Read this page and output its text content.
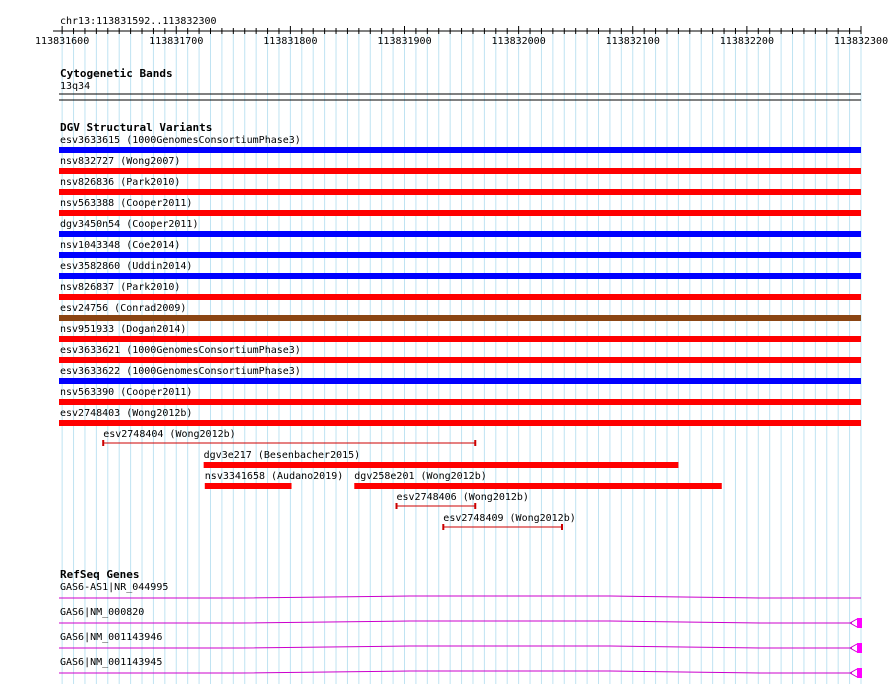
chr13:113831592..113832300
113831600	113831700	113831800	113831900	113832000	113832100	113832200	113832300
Cytogenetic Bands
13q34
DGV Structural Variants
esv3633615 (1000GenomesConsortiumPhase3)
nsv832727 (Wong2007)
nsv826836 (Park2010)
nsv563388 (Cooper2011)
dgv3450n54 (Cooper2011)
nsv1043348 (Coe2014)
esv3582860 (Uddin2014)
nsv826837 (Park2010)
esv24756 (Conrad2009)
nsv951933 (Dogan2014)
esv3633621 (1000GenomesConsortiumPhase3)
esv3633622 (1000GenomesConsortiumPhase3)
nsv563390 (Cooper2011)
esv2748403 (Wong2012b)
esv2748404 (Wong2012b)
dgv3e217 (Besenbacher2015)
nsv3341658 (Audano2019) dgv258e201 (Wong2012b)
esv2748406 (Wong2012b)
esv2748409 (Wong2012b)
RefSeq Genes
GAS6-AS1|NR_044995
GAS6|NM_000820
GAS6|NM_001143946
GAS6|NM_001143945
